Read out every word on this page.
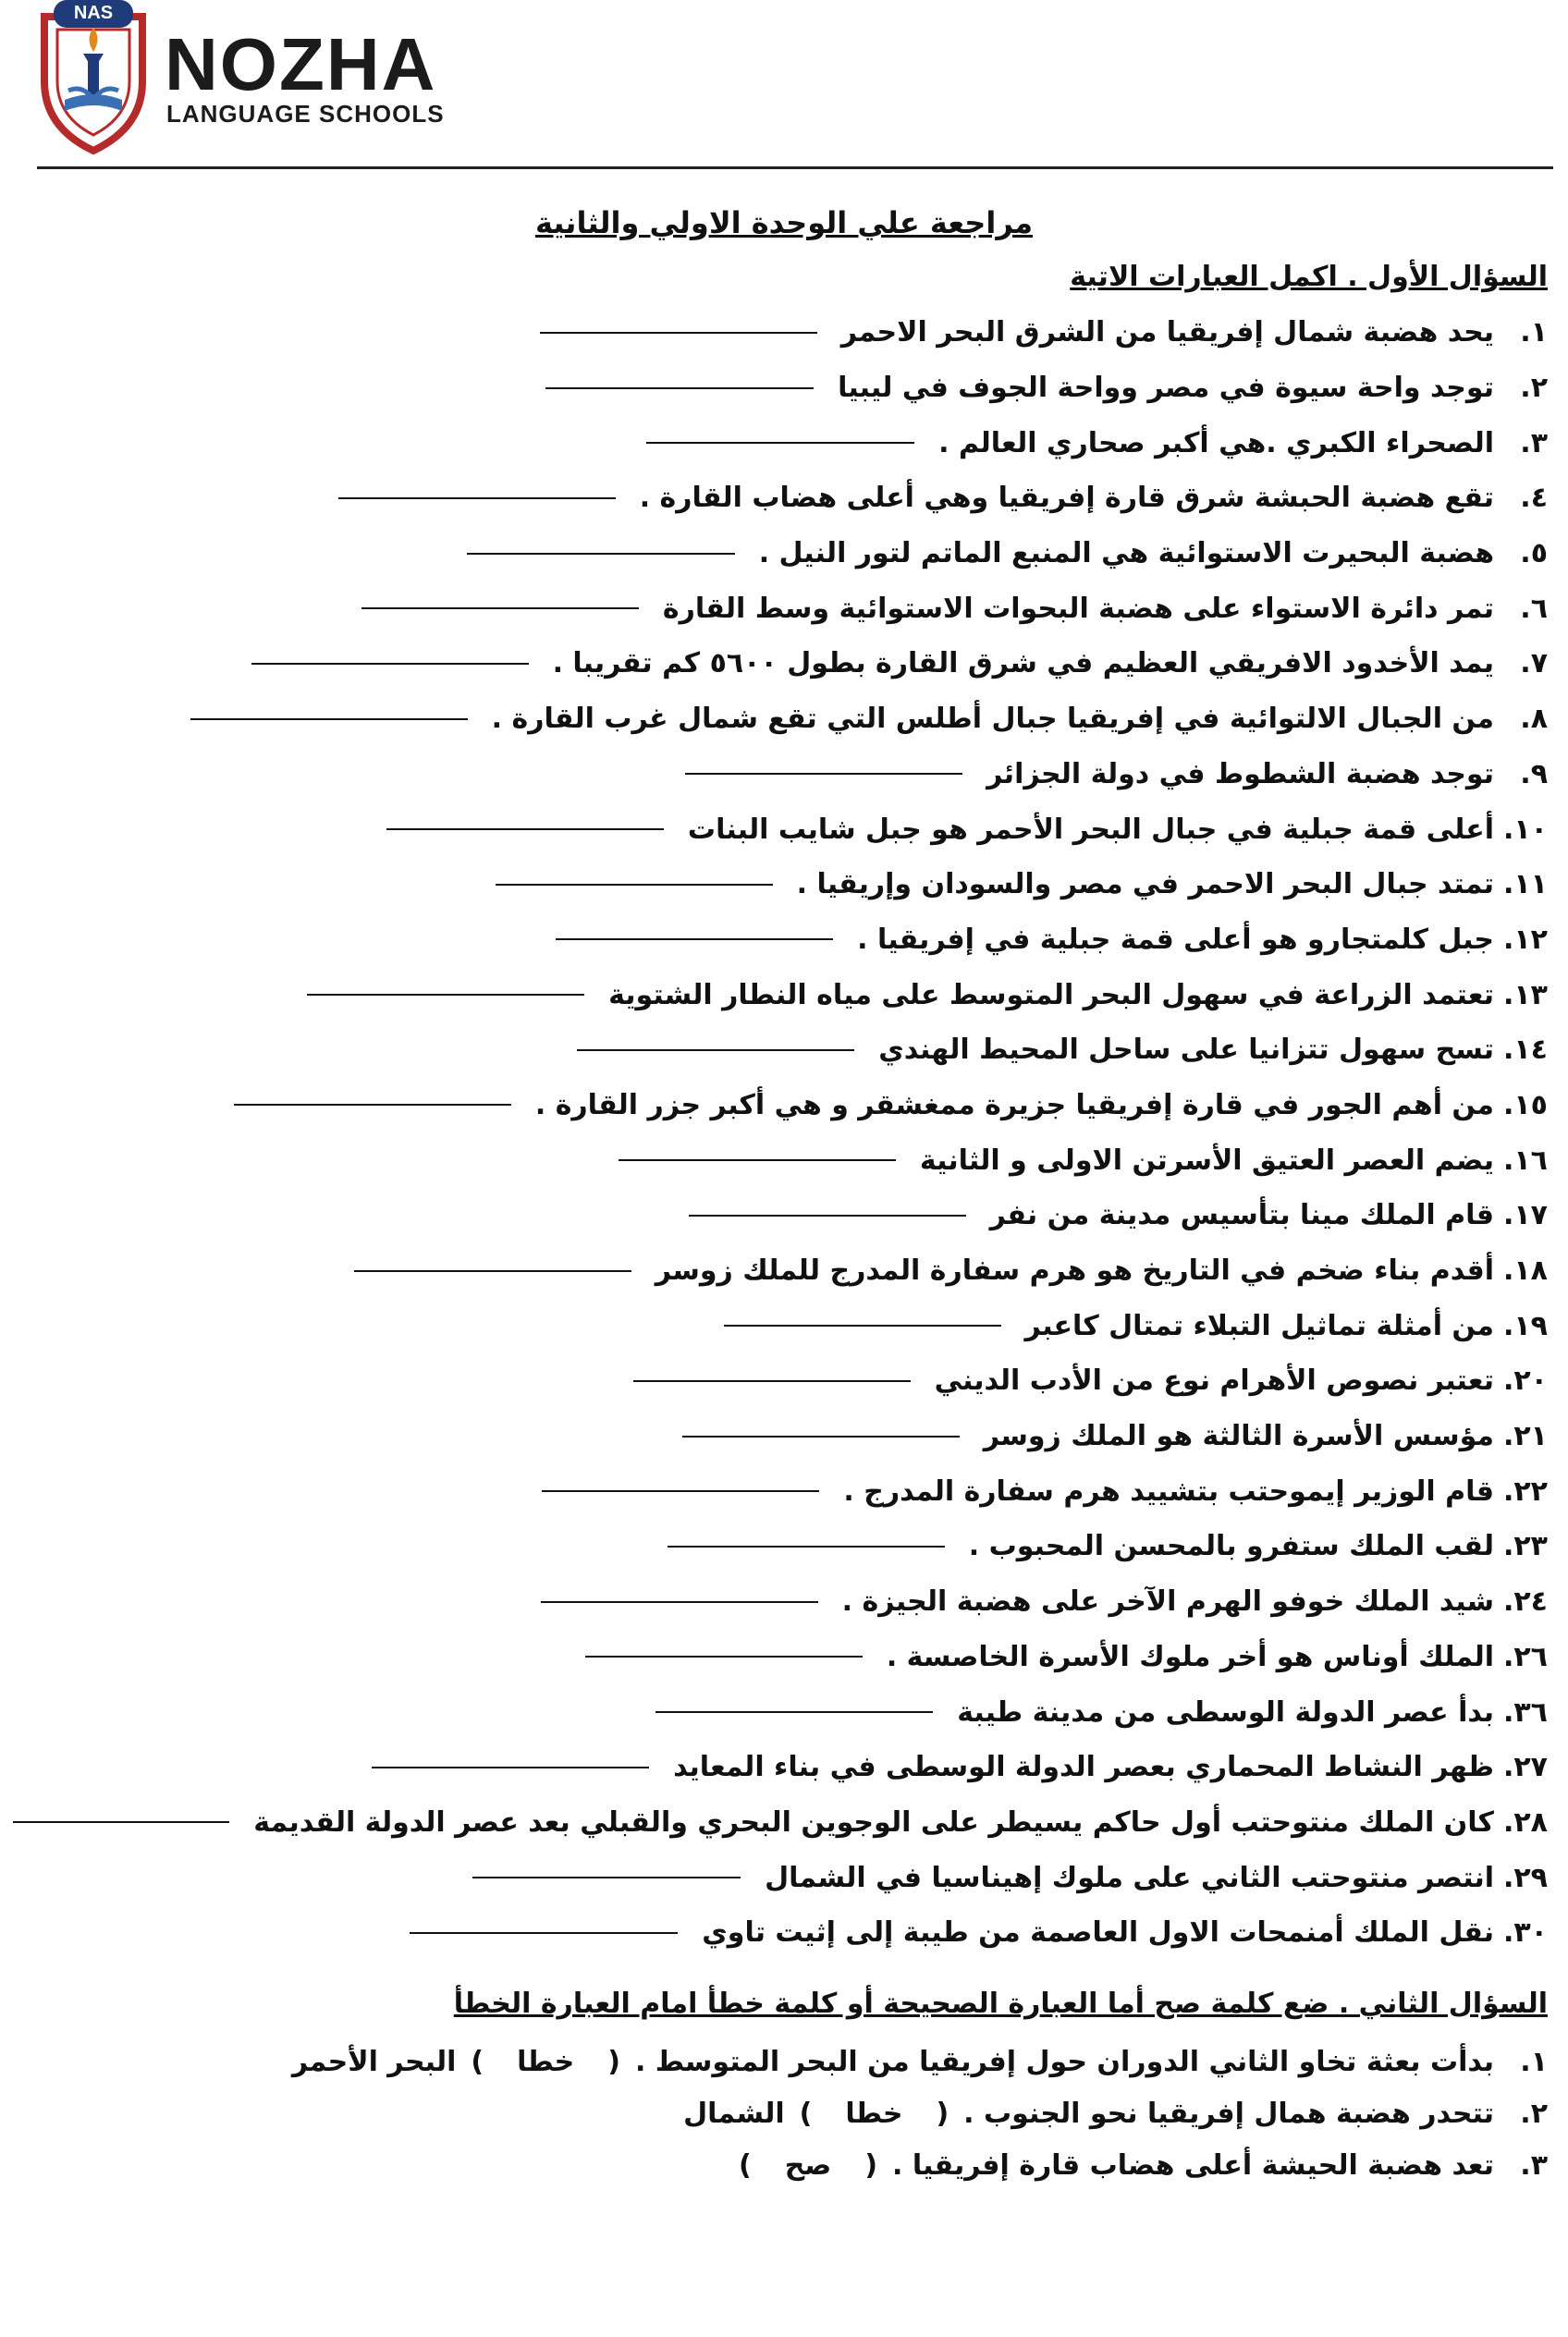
NAS
NOZHA
LANGUAGE SCHOOLS
مراجعة علي الوحدة الاولي والثانية
السؤال الأول . اكمل العبارات الاتية
١.
يحد هضبة شمال إفريقيا من الشرق البحر الاحمر
٢.
توجد واحة سيوة في مصر وواحة الجوف في ليبيا
٣.
الصحراء الكبري .هي أكبر صحاري العالم .
٤.
تقع هضبة الحبشة شرق قارة إفريقيا وهي أعلى هضاب القارة .
٥.
هضبة البحيرت الاستوائية هي المنبع الماتم لتور النيل .
٦.
تمر دائرة الاستواء على هضبة البحوات الاستوائية وسط القارة
٧.
يمد الأخدود الافريقي العظيم في شرق القارة بطول ٥٦٠٠ كم تقريبا .
٨.
من الجبال الالتوائية في إفريقيا جبال أطلس التي تقع شمال غرب القارة .
٩.
توجد هضبة الشطوط في دولة الجزائر
١٠.
أعلى قمة جبلية في جبال البحر الأحمر هو جبل شايب البنات
١١.
تمتد جبال البحر الاحمر في مصر والسودان وإريقيا .
١٢.
جبل كلمتجارو هو أعلى قمة جبلية في إفريقيا .
١٣.
تعتمد الزراعة في سهول البحر المتوسط على مياه النطار الشتوية
١٤.
تسح سهول تتزانيا على ساحل المحيط الهندي
١٥.
من أهم الجور في قارة إفريقيا جزيرة ممغشقر و هي أكبر جزر القارة .
١٦.
يضم العصر العتيق الأسرتن الاولى و الثانية
١٧.
قام الملك مينا بتأسيس مدينة من نفر
١٨.
أقدم بناء ضخم في التاريخ هو هرم سفارة المدرج للملك زوسر
١٩.
من أمثلة تماثيل التبلاء تمتال كاعبر
٢٠.
تعتبر نصوص الأهرام نوع من الأدب الديني
٢١.
مؤسس الأسرة الثالثة هو الملك زوسر
٢٢.
قام الوزير إيموحتب بتشييد هرم سفارة المدرج .
٢٣.
لقب الملك ستفرو بالمحسن المحبوب .
٢٤.
شيد الملك خوفو الهرم الآخر على هضبة الجيزة .
٢٦.
الملك أوناس هو أخر ملوك الأسرة الخاصسة .
٣٦.
بدأ عصر الدولة الوسطى من مدينة طيبة
٢٧.
ظهر النشاط المحماري بعصر الدولة الوسطى في بناء المعايد
٢٨.
كان الملك منتوحتب أول حاكم يسيطر على الوجوين البحري والقبلي بعد عصر الدولة القديمة
٢٩.
انتصر منتوحتب الثاني على ملوك إهيناسيا في الشمال
٣٠.
نقل الملك أمنمحات الاول العاصمة من طيبة إلى إثيت تاوي
السؤال الثاني . ضع كلمة صح أما العبارة الصحيحة أو كلمة خطأ امام العبارة الخطأ
١.
بدأت بعثة تخاو الثاني الدوران حول إفريقيا من البحر المتوسط .
(خطا)
البحر الأحمر
٢.
تتحدر هضبة همال إفريقيا نحو الجنوب .
(خطا)
الشمال
٣.
تعد هضبة الحيشة أعلى هضاب قارة إفريقيا .
(صح)
